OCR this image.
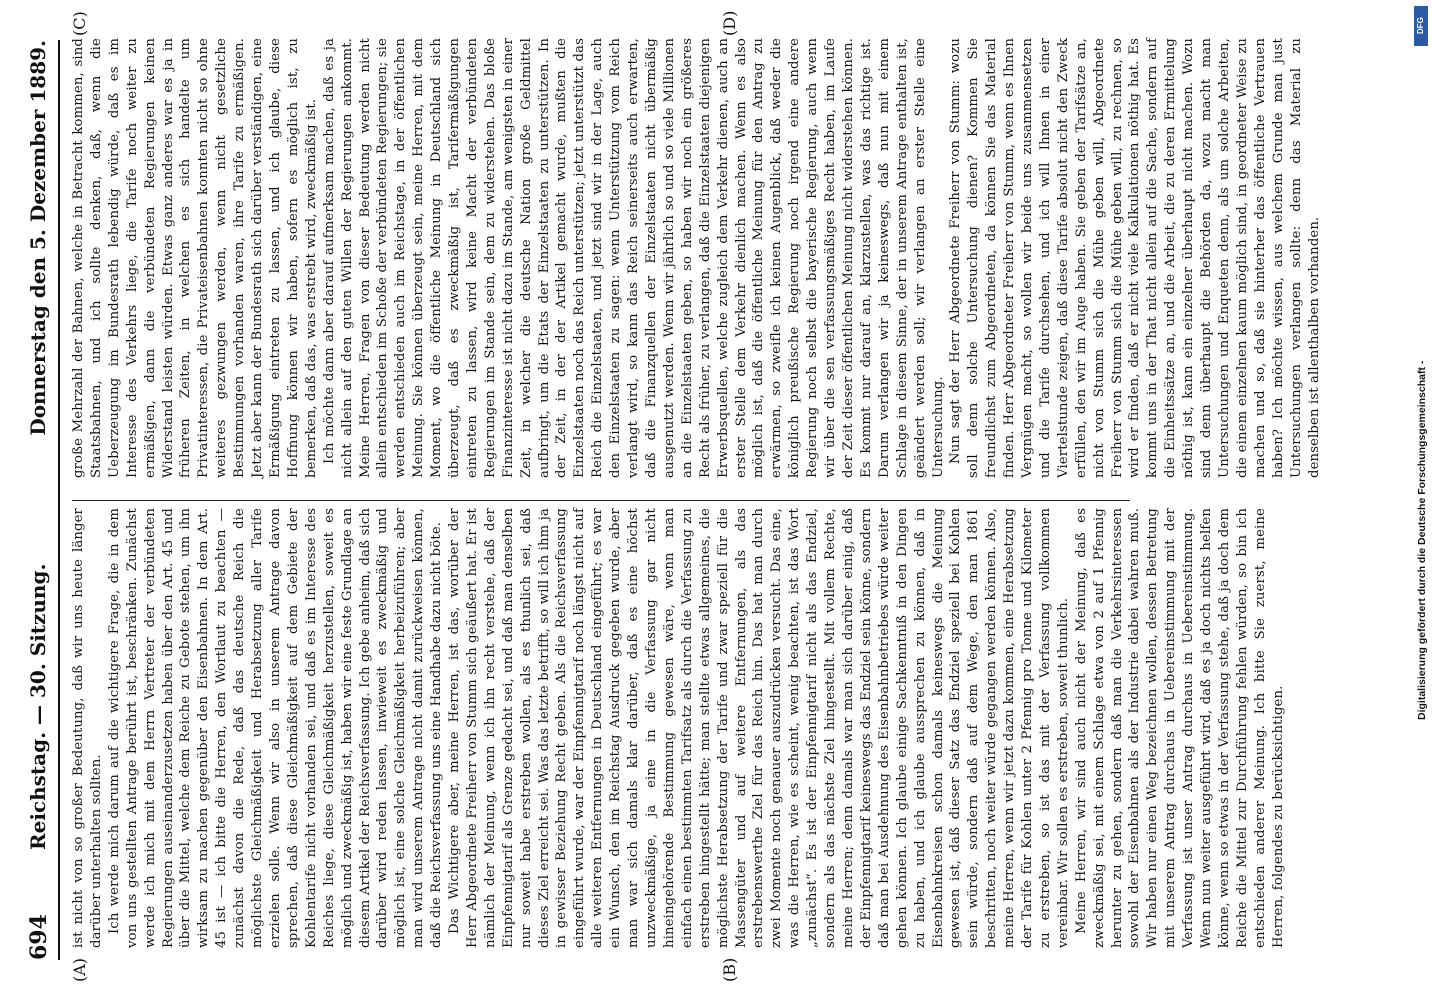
694
Reichstag. — 30. Sitzung.
Donnerstag den 5. Dezember 1889.
(A)	(B)
(C)	(D)

ist nicht von so großer Bedeutung, daß wir uns heute länger darüber unterhalten sollten. Ich werde mich darum auf die wichtigere Frage, die in dem von uns gestellten Antrage berührt ist, beschränken. Zunächst werde ich mich mit dem Herrn Vertreter der verbündeten Regierungen auseinanderzusetzen haben über den Art. 45 und über die Mittel, welche dem Reiche zu Gebote stehen, um ihn wirksam zu machen gegenüber den Eisenbahnen. In dem Art. 45 ist — ich bitte die Herren, den Wortlaut zu beachten — zunächst davon die Rede, daß das deutsche Reich die möglichste Gleichmäßigkeit und Herabsetzung aller Tarife erzielen solle. Wenn wir also in unserem Antrage davon sprechen, daß diese Gleichmäßigkeit auf dem Gebiete der Kohlentarife nicht vorhanden sei, und daß es im Interesse des Reiches liege, diese Gleichmäßigkeit herzustellen, soweit es möglich und zweckmäßig ist, haben wir eine feste Grundlage an diesem Artikel der Reichsverfassung. Ich gebe anheim, daß sich darüber wird reden lassen, inwieweit es zweckmäßig und möglich ist, eine solche Gleichmäßigkeit herbeizuführen; aber man wird unserem Antrage nicht damit zurückweisen können, daß die Reichsverfassung uns eine Handhabe dazu nicht böte. Das Wichtigere aber, meine Herren, ist das, worüber der Herr Abgeordnete Freiherr von Stumm sich geäußert hat. Er ist nämlich der Meinung, wenn ich ihn recht verstehe, daß der Einpfennigtarif als Grenze gedacht sei, und daß man denselben nur soweit habe erstreben wollen, als es thunlich sei, daß dieses Ziel erreicht sei. Was das letzte betrifft, so will ich ihm ja in gewisser Beziehung Recht geben. Als die Reichsverfassung eingeführt wurde, war der Einpfennigtarif noch längst nicht auf alle weiteren Entfernungen in Deutschland eingeführt; es war ein Wunsch, den im Reichstag Ausdruck gegeben wurde, aber man war sich damals klar darüber, daß es eine höchst unzweckmäßige, ja eine in die Verfassung gar nicht hineingehörende Bestimmung gewesen wäre, wenn man einfach einen bestimmten Tarifsatz als durch die Verfassung zu erstreben hingestellt hätte; man stellte etwas allgemeines, die möglichste Herabsetzung der Tarife und zwar speziell für die Massengüter und auf weitere Entfernungen, als das erstrebenswerthe Ziel für das Reich hin. Das hat man durch zwei Momente noch genauer auszudrücken versucht. Das eine, was die Herren, wie es scheint, wenig beachten, ist das Wort „zunächst“. Es ist der Einpfennigtarif nicht als das Endziel, sondern als das nächste Ziel hingestellt. Mit vollem Rechte, meine Herren; denn damals war man sich darüber einig, daß der Einpfennigtarif keineswegs das Endziel sein könne, sondern daß man bei Ausdehnung des Eisenbahnbetriebes würde weiter gehen können. Ich glaube einige Sachkenntniß in den Dingen zu haben, und ich glaube aussprechen zu können, daß in Eisenbahnkreisen schon damals keineswegs die Meinung gewesen ist, daß dieser Satz das Endziel speziell bei Kohlen sein würde, sondern daß auf dem Wege, den man 1861 beschritten, noch weiter würde gegangen werden können. Also, meine Herren, wenn wir jetzt dazu kommen, eine Herabsetzung der Tarife für Kohlen unter 2 Pfennig pro Tonne und Kilometer zu erstreben, so ist das mit der Verfassung vollkommen vereinbar. Wir sollen es erstreben, soweit thunlich. Meine Herren, wir sind auch nicht der Meinung, daß es zweckmäßig sei, mit einem Schlage etwa von 2 auf 1 Pfennig herunter zu gehen, sondern daß man die Verkehrsinteressen sowohl der Eisenbahnen als der Industrie dabei wahren muß. Wir haben nur einen Weg bezeichnen wollen, dessen Betretung mit unserem Antrag durchaus in Uebereinstimmung mit der Verfassung ist unser Antrag durchaus in Uebereinstimmung. Wenn nun weiter ausgeführt wird, daß es ja doch nichts helfen könne, wenn so etwas in der Verfassung stehe, daß ja doch dem Reiche die Mittel zur Durchführung fehlen würden, so bin ich entschieden anderer Meinung. Ich bitte Sie zuerst, meine Herren, folgendes zu berücksichtigen.

große Mehrzahl der Bahnen, welche in Betracht kommen, sind Staatsbahnen, und ich sollte denken, daß, wenn die Ueberzeugung im Bundesrath lebendig würde, daß es im Interesse des Verkehrs liege, die Tarife noch weiter zu ermäßigen, dann die verbündeten Regierungen keinen Widerstand leisten würden. Etwas ganz anderes war es ja in früheren Zeiten, in welchen es sich handelte um Privatinteressen, die Privateisenbahnen konnten nicht so ohne weiteres gezwungen werden, wenn nicht gesetzliche Bestimmungen vorhanden waren, ihre Tarife zu ermäßigen. Jetzt aber kann der Bundesrath sich darüber verständigen, eine Ermäßigung eintreten zu lassen, und ich glaube, diese Hoffnung können wir haben, sofern es möglich ist, zu bemerken, daß das, was erstrebt wird, zweckmäßig ist. Ich möchte dann aber darauf aufmerksam machen, daß es ja nicht allein auf den guten Willen der Regierungen ankommt. Meine Herren, Fragen von dieser Bedeutung werden nicht allein entschieden im Schoße der verbündeten Regierungen; sie werden entschieden auch im Reichstage, in der öffentlichen Meinung. Sie können überzeugt sein, meine Herren, mit dem Moment, wo die öffentliche Meinung in Deutschland sich überzeugt, daß es zweckmäßig ist, Tarifermäßigungen eintreten zu lassen, wird keine Macht der verbündeten Regierungen im Stande sein, dem zu widerstehen. Das bloße Finanzinteresse ist nicht dazu im Stande, am wenigsten in einer Zeit, in welcher die deutsche Nation große Geldmittel aufbringt, um die Etats der Einzelstaaten zu unterstützen. In der Zeit, in der der Artikel gemacht wurde, mußten die Einzelstaaten noch das Reich unterstützen; jetzt unterstützt das Reich die Einzelstaaten, und jetzt sind wir in der Lage, auch den Einzelstaaten zu sagen: wenn Unterstützung vom Reich verlangt wird, so kann das Reich seinerseits auch erwarten, daß die Finanzquellen der Einzelstaaten nicht übermäßig ausgenutzt werden. Wenn wir jährlich so und so viele Millionen an die Einzelstaaten geben, so haben wir noch ein größeres Recht als früher, zu verlangen, daß die Einzelstaaten diejenigen Erwerbsquellen, welche zugleich dem Verkehr dienen, auch an erster Stelle dem Verkehr dienlich machen. Wenn es also möglich ist, daß die öffentliche Meinung für den Antrag zu erwärmen, so zweifle ich keinen Augenblick, daß weder die königlich preußische Regierung noch irgend eine andere Regierung noch selbst die bayerische Regierung, auch wenn wir über die sen verfassungsmäßiges Recht haben, im Laufe der Zeit dieser öffentlichen Meinung nicht widerstehen können. Es kommt nur darauf an, klarzustellen, was das richtige ist. Darum verlangen wir ja keineswegs, daß nun mit einem Schlage in diesem Sinne, der in unserem Antrage enthalten ist, geändert werden soll; wir verlangen an erster Stelle eine Untersuchung. Nun sagt der Herr Abgeordnete Freiherr von Stumm: wozu soll denn solche Untersuchung dienen? Kommen Sie freundlichst zum Abgeordneten, da können Sie das Material finden. Herr Abgeordneter Freiherr von Stumm, wenn es Ihnen Vergnügen macht, so wollen wir beide uns zusammensetzen und die Tarife durchsehen, und ich will Ihnen in einer Viertelstunde zeigen, daß diese Tarife absolut nicht den Zweck erfüllen, den wir im Auge haben. Sie geben der Tarifsätze an, nicht von Stumm sich die Mühe geben will, Abgeordnete Freiherr von Stumm sich die Mühe geben will, zu rechnen, so wird er finden, daß er nicht viele Kalkulationen nöthig hat. Es kommt uns in der That nicht allein auf die Sache, sondern auf die Einheitssätze an, und die Arbeit, die zu deren Ermittelung nöthig ist, kann ein einzelner überhaupt nicht machen. Wozu sind denn überhaupt die Behörden da, wozu macht man Untersuchungen und Enqueten denn, als um solche Arbeiten, die einem einzelnen kaum möglich sind, in geordneter Weise zu machen und so, daß sie hinterher das öffentliche Vertrauen haben? Ich möchte wissen, aus welchem Grunde man just Untersuchungen verlangen sollte: denn das Material zu denselben ist allenthalben vorhanden.

DFG
Digitalisierung gefördert durch die Deutsche Forschungsgemeinschaft -
